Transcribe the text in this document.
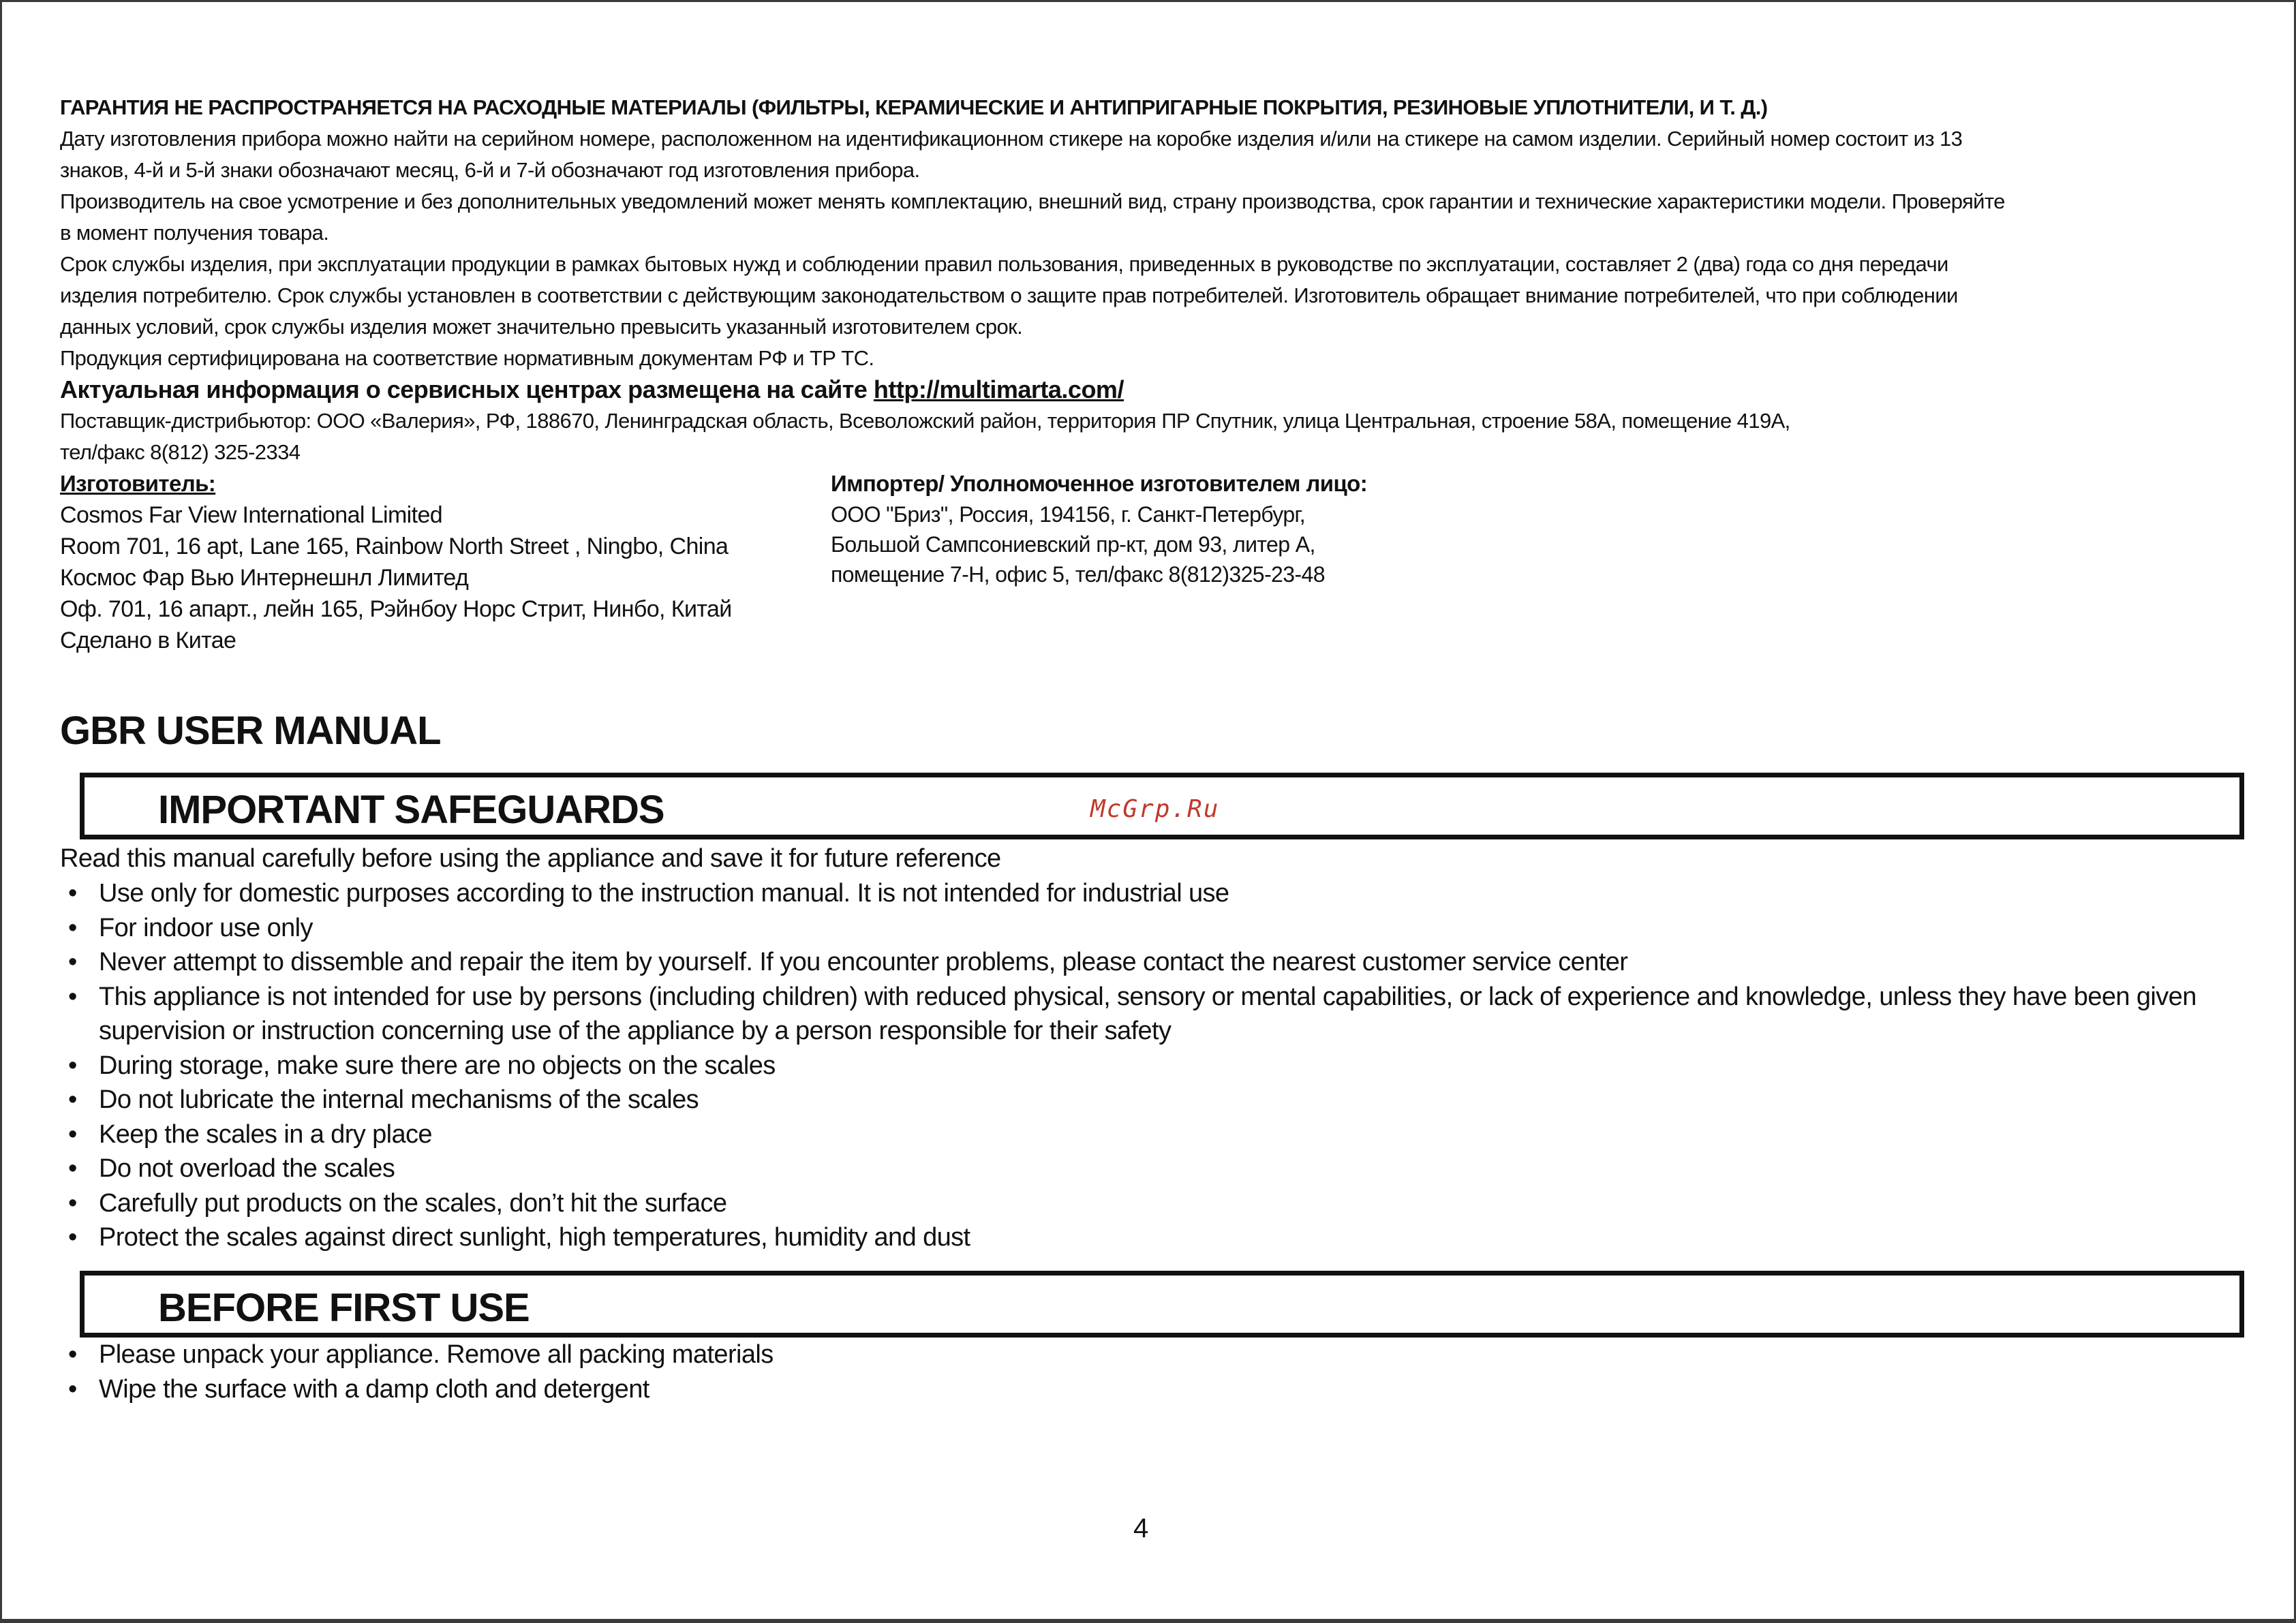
ГАРАНТИЯ НЕ РАСПРОСТРАНЯЕТСЯ НА РАСХОДНЫЕ МАТЕРИАЛЫ (ФИЛЬТРЫ, КЕРАМИЧЕСКИЕ И АНТИПРИГАРНЫЕ ПОКРЫТИЯ, РЕЗИНОВЫЕ УПЛОТНИТЕЛИ, И Т. Д.)

Дату изготовления прибора можно найти на серийном номере, расположенном на идентификационном стикере на коробке изделия и/или на стикере на самом изделии. Серийный номер состоит из 13

знаков, 4-й и 5-й знаки обозначают месяц, 6-й и 7-й обозначают год изготовления прибора.

Производитель на свое усмотрение и без дополнительных уведомлений может менять комплектацию, внешний вид, страну производства, срок гарантии и технические характеристики модели. Проверяйте

в момент получения товара.

Срок службы изделия, при эксплуатации продукции в рамках бытовых нужд и соблюдении правил пользования, приведенных в руководстве по эксплуатации, составляет 2 (два) года со дня передачи

изделия потребителю. Срок службы установлен в соответствии с действующим законодательством о защите прав потребителей. Изготовитель обращает внимание потребителей, что при соблюдении

данных условий, срок службы изделия может значительно превысить указанный изготовителем срок.

Продукция сертифицирована на соответствие нормативным документам РФ и ТР ТС.

Актуальная информация о сервисных центрах размещена на сайте http://multimarta.com/

Поставщик-дистрибьютор: ООО «Валерия», РФ, 188670, Ленинградская область, Всеволожский район, территория ПР Спутник, улица Центральная, строение 58А, помещение 419А,

тел/факс 8(812) 325-2334

Изготовитель:

Cosmos Far View International Limited

Room 701, 16 apt, Lane 165, Rainbow North Street , Ningbo, China

Космос Фар Вью Интернешнл Лимитед

Оф. 701, 16 апарт., лейн 165, Рэйнбоу Норс Стрит, Нинбо, Китай

Сделано в Китае

Импортер/ Уполномоченное изготовителем лицо:

ООО "Бриз", Россия, 194156, г. Санкт-Петербург,

Большой Сампсониевский пр-кт, дом 93, литер А,

помещение 7-Н, офис 5, тел/факс 8(812)325-23-48

GBR USER MANUAL
IMPORTANT SAFEGUARDS	McGrp.Ru

Read this manual carefully before using the appliance and save it for future reference

• Use only for domestic purposes according to the instruction manual. It is not intended for industrial use
• For indoor use only
• Never attempt to dissemble and repair the item by yourself. If you encounter problems, please contact the nearest customer service center
• This appliance is not intended for use by persons (including children) with reduced physical, sensory or mental capabilities, or lack of experience and knowledge, unless they have been given supervision or instruction concerning use of the appliance by a person responsible for their safety
• During storage, make sure there are no objects on the scales
• Do not lubricate the internal mechanisms of the scales
• Keep the scales in a dry place
• Do not overload the scales
• Carefully put products on the scales, don’t hit the surface
• Protect the scales against direct sunlight, high temperatures, humidity and dust
BEFORE FIRST USE
• Please unpack your appliance. Remove all packing materials
• Wipe the surface with a damp cloth and detergent

4
